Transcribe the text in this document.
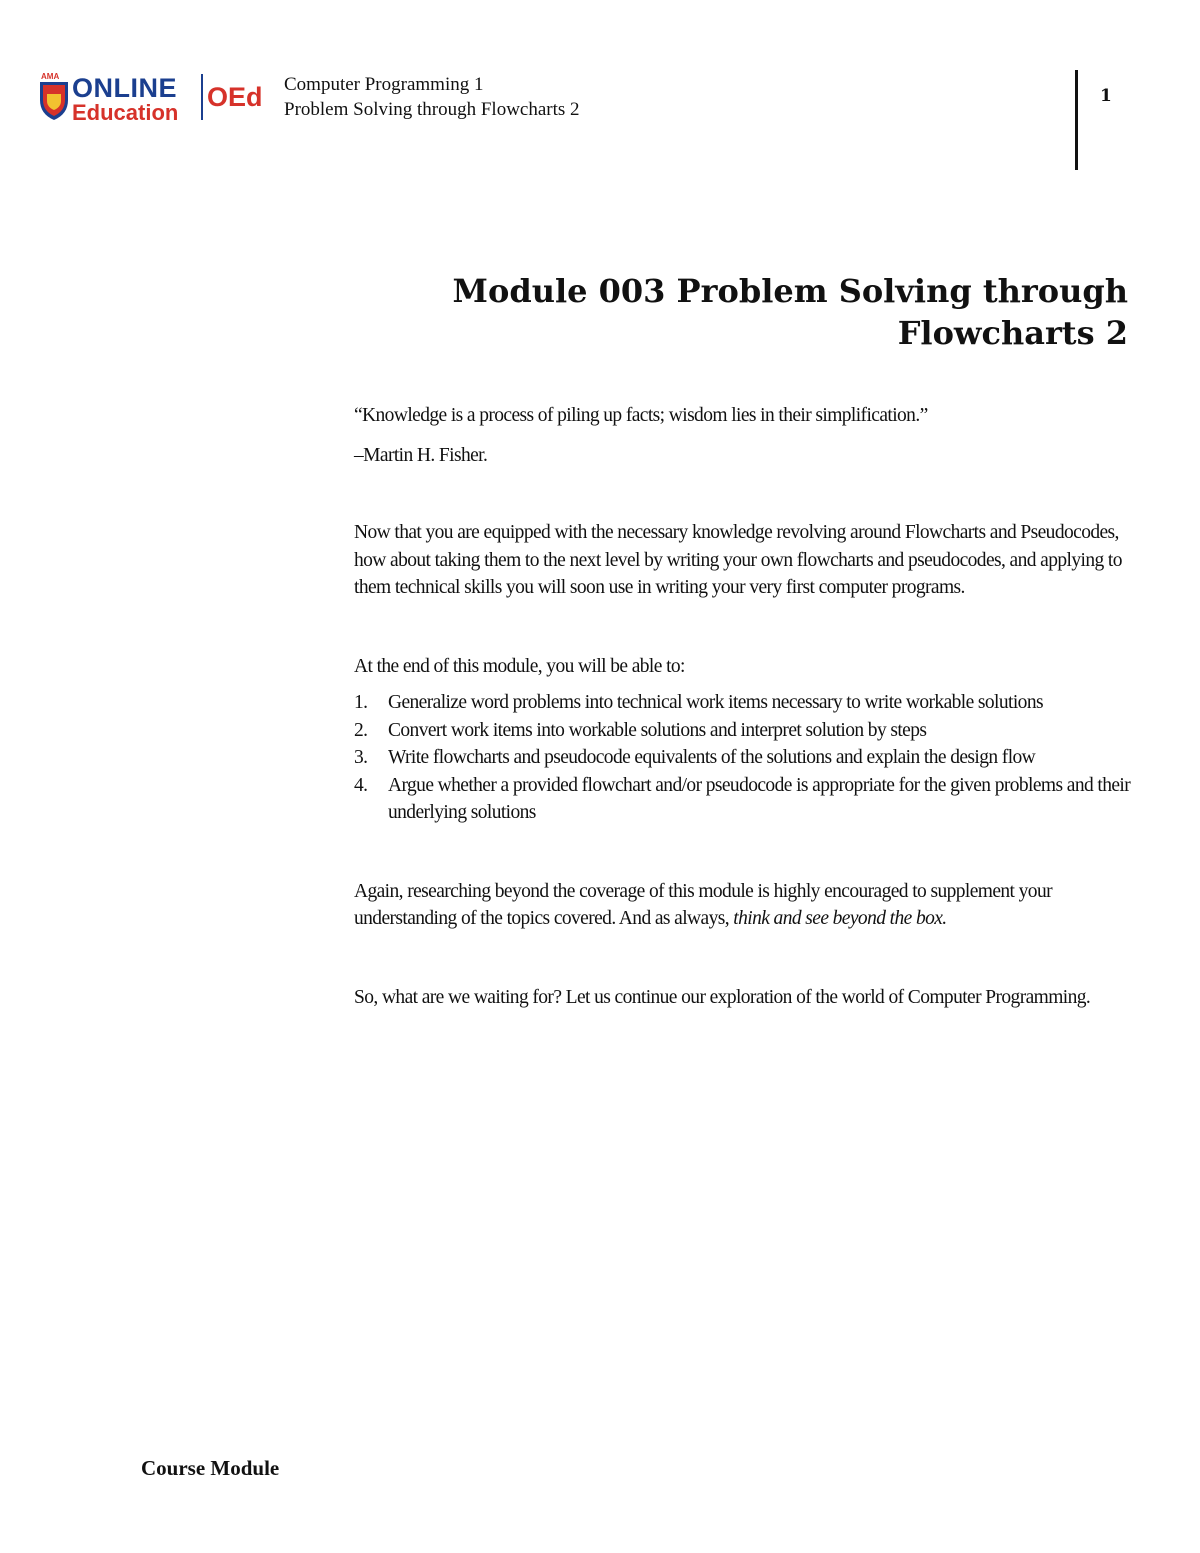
AMA ONLINE
Education
OEd Computer Programming 1
Problem Solving through Flowcharts 2
1
Module 003 Problem Solving through
Flowcharts 2

“Knowledge is a process of piling up facts; wisdom lies in their simplification.”

–Martin H. Fisher.

Now that you are equipped with the necessary knowledge revolving around Flowcharts and Pseudocodes, how about taking them to the next level by writing your own flowcharts and pseudocodes, and applying to them technical skills you will soon use in writing your very first computer programs.

At the end of this module, you will be able to:

1. Generalize word problems into technical work items necessary to write workable solutions
2. Convert work items into workable solutions and interpret solution by steps
3. Write flowcharts and pseudocode equivalents of the solutions and explain the design flow
4. Argue whether a provided flowchart and/or pseudocode is appropriate for the given problems and their underlying solutions

Again, researching beyond the coverage of this module is highly encouraged to supplement your understanding of the topics covered. And as always, think and see beyond the box.

So, what are we waiting for? Let us continue our exploration of the world of Computer Programming.

Course Module
